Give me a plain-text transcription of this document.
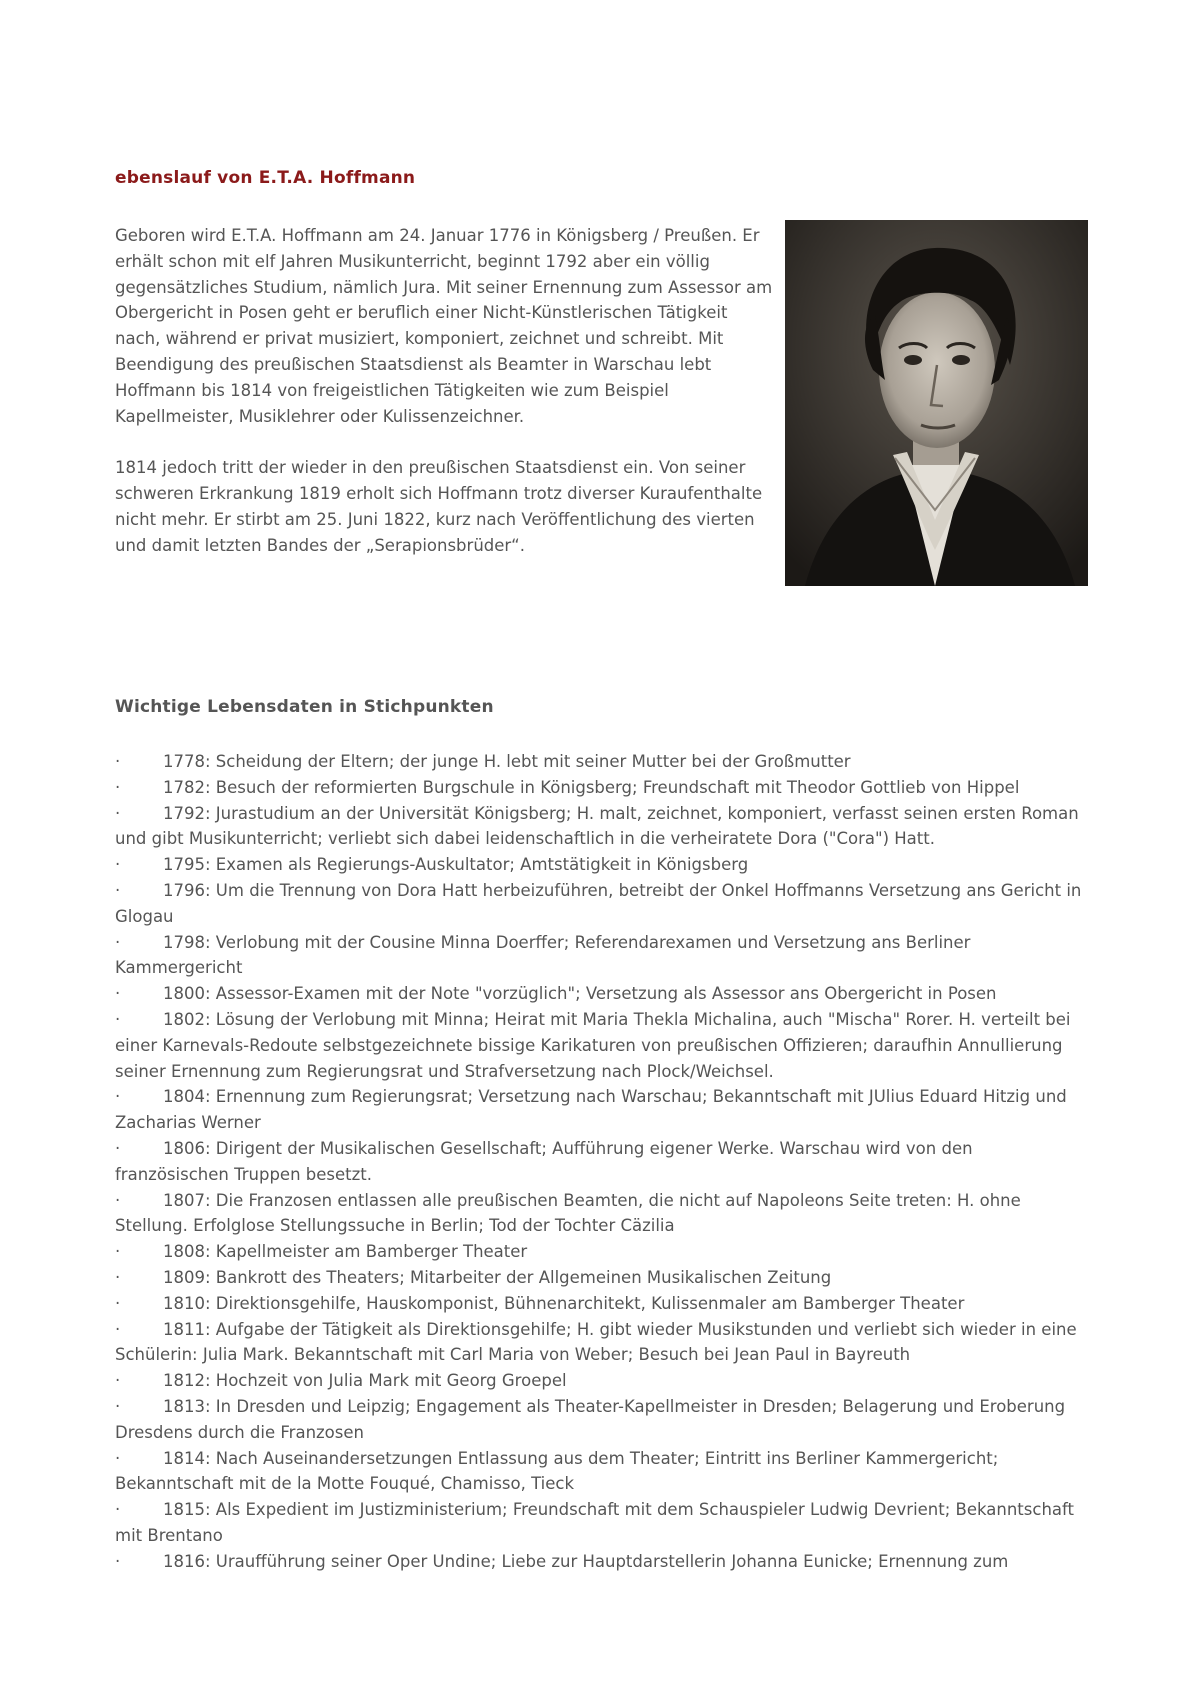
ebenslauf von E.T.A. Hoffmann

Geboren wird E.T.A. Hoffmann am 24. Januar 1776 in Königsberg / Preußen. Er erhält schon mit elf Jahren Musikunterricht, beginnt 1792 aber ein völlig gegensätzliches Studium, nämlich Jura. Mit seiner Ernennung zum Assessor am Obergericht in Posen geht er beruflich einer Nicht-Künstlerischen Tätigkeit nach, während er privat musiziert, komponiert, zeichnet und schreibt. Mit Beendigung des preußischen Staatsdienst als Beamter in Warschau lebt Hoffmann bis 1814 von freigeistlichen Tätigkeiten wie zum Beispiel Kapellmeister, Musiklehrer oder Kulissenzeichner.

1814 jedoch tritt der wieder in den preußischen Staatsdienst ein. Von seiner schweren Erkrankung 1819 erholt sich Hoffmann trotz diverser Kuraufenthalte nicht mehr. Er stirbt am 25. Juni 1822, kurz nach Veröffentlichung des vierten und damit letzten Bandes der „Serapionsbrüder“.

Wichtige Lebensdaten in Stichpunkten
·	1778: Scheidung der Eltern; der junge H. lebt mit seiner Mutter bei der Großmutter
·	1782: Besuch der reformierten Burgschule in Königsberg; Freundschaft mit Theodor Gottlieb von Hippel
·	1792: Jurastudium an der Universität Königsberg; H. malt, zeichnet, komponiert, verfasst seinen ersten Roman und gibt Musikunterricht; verliebt sich dabei leidenschaftlich in die verheiratete Dora ("Cora") Hatt.
·	1795: Examen als Regierungs-Auskultator; Amtstätigkeit in Königsberg
·	1796: Um die Trennung von Dora Hatt herbeizuführen, betreibt der Onkel Hoffmanns Versetzung ans Gericht in Glogau
·	1798: Verlobung mit der Cousine Minna Doerffer; Referendarexamen und Versetzung ans Berliner Kammergericht
·	1800: Assessor-Examen mit der Note "vorzüglich"; Versetzung als Assessor ans Obergericht in Posen
·	1802: Lösung der Verlobung mit Minna; Heirat mit Maria Thekla Michalina, auch "Mischa" Rorer. H. verteilt bei einer Karnevals-Redoute selbstgezeichnete bissige Karikaturen von preußischen Offizieren; daraufhin Annullierung seiner Ernennung zum Regierungsrat und Strafversetzung nach Plock/Weichsel.
·	1804: Ernennung zum Regierungsrat; Versetzung nach Warschau; Bekanntschaft mit JUlius Eduard Hitzig und Zacharias Werner
·	1806: Dirigent der Musikalischen Gesellschaft; Aufführung eigener Werke. Warschau wird von den französischen Truppen besetzt.
·	1807: Die Franzosen entlassen alle preußischen Beamten, die nicht auf Napoleons Seite treten: H. ohne Stellung. Erfolglose Stellungssuche in Berlin; Tod der Tochter Cäzilia
·	1808: Kapellmeister am Bamberger Theater
·	1809: Bankrott des Theaters; Mitarbeiter der Allgemeinen Musikalischen Zeitung
·	1810: Direktionsgehilfe, Hauskomponist, Bühnenarchitekt, Kulissenmaler am Bamberger Theater
·	1811: Aufgabe der Tätigkeit als Direktionsgehilfe; H. gibt wieder Musikstunden und verliebt sich wieder in eine Schülerin: Julia Mark. Bekanntschaft mit Carl Maria von Weber; Besuch bei Jean Paul in Bayreuth
·	1812: Hochzeit von Julia Mark mit Georg Groepel
·	1813: In Dresden und Leipzig; Engagement als Theater-Kapellmeister in Dresden; Belagerung und Eroberung Dresdens durch die Franzosen
·	1814: Nach Auseinandersetzungen Entlassung aus dem Theater; Eintritt ins Berliner Kammergericht; Bekanntschaft mit de la Motte Fouqué, Chamisso, Tieck
·	1815: Als Expedient im Justizministerium; Freundschaft mit dem Schauspieler Ludwig Devrient; Bekanntschaft mit Brentano
·	1816: Uraufführung seiner Oper Undine; Liebe zur Hauptdarstellerin Johanna Eunicke; Ernennung zum
